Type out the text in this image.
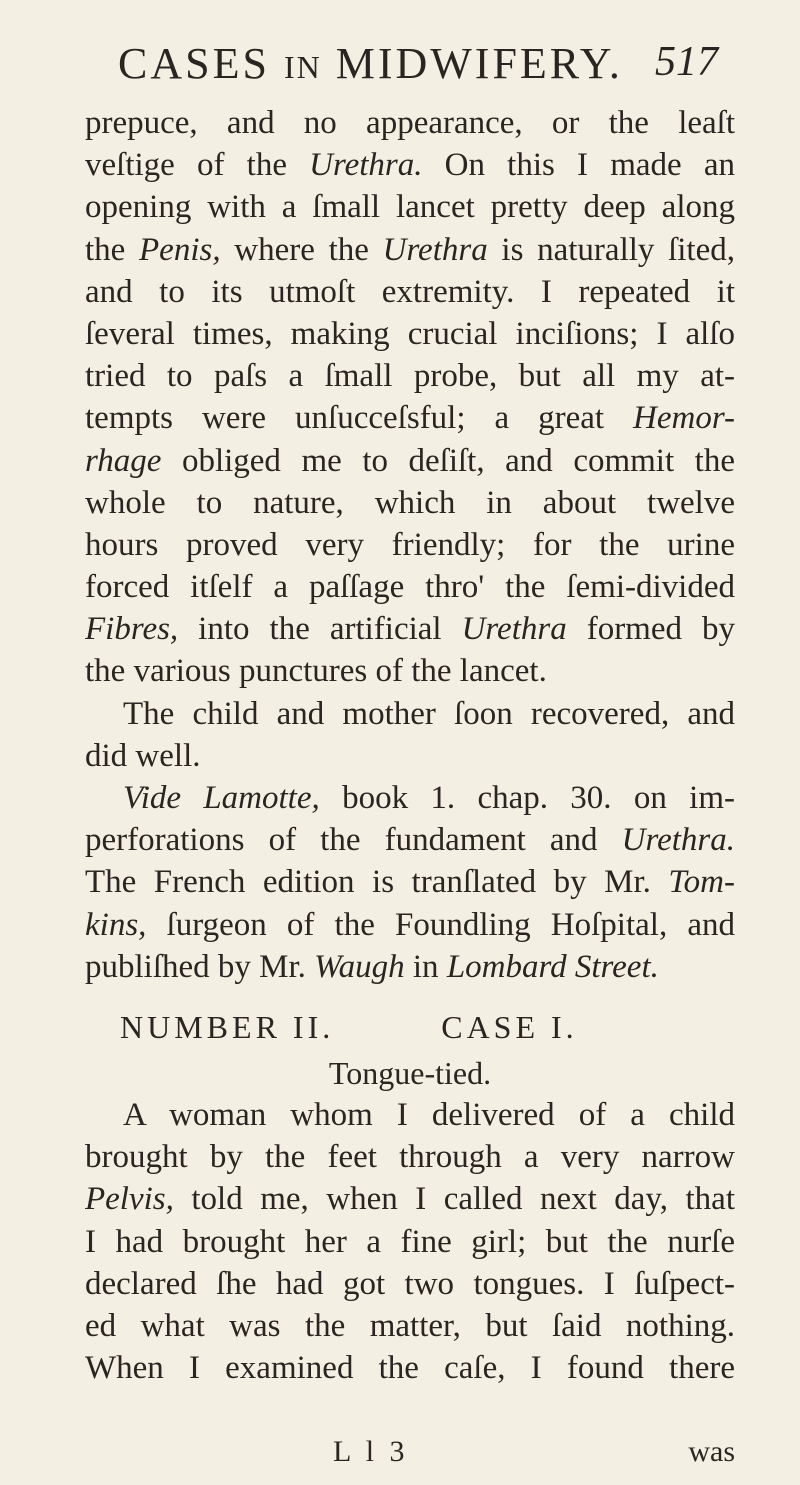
CASES IN MIDWIFERY. 517
prepuce, and no appearance, or the leaſt
veſtige of the Urethra. On this I made an
opening with a ſmall lancet pretty deep along
the Penis, where the Urethra is naturally ſited,
and to its utmoſt extremity. I repeated it
ſeveral times, making crucial inciſions; I alſo
tried to paſs a ſmall probe, but all my at-
tempts were unſucceſsful; a great Hemor-
rhage obliged me to deſiſt, and commit the
whole to nature, which in about twelve
hours proved very friendly; for the urine
forced itſelf a paſſage thro' the ſemi-divided
Fibres, into the artificial Urethra formed by
the various punctures of the lancet.
The child and mother ſoon recovered, and
did well.
Vide Lamotte, book 1. chap. 30. on im-
perforations of the fundament and Urethra.
The French edition is tranſlated by Mr. Tom-
kins, ſurgeon of the Foundling Hoſpital, and
publiſhed by Mr. Waugh in Lombard Street.
NUMBER II.	CASE I.
Tongue-tied.
A woman whom I delivered of a child
brought by the feet through a very narrow
Pelvis, told me, when I called next day, that
I had brought her a fine girl; but the nurſe
declared ſhe had got two tongues. I ſuſpect-
ed what was the matter, but ſaid nothing.
When I examined the caſe, I found there
L l 3	was
